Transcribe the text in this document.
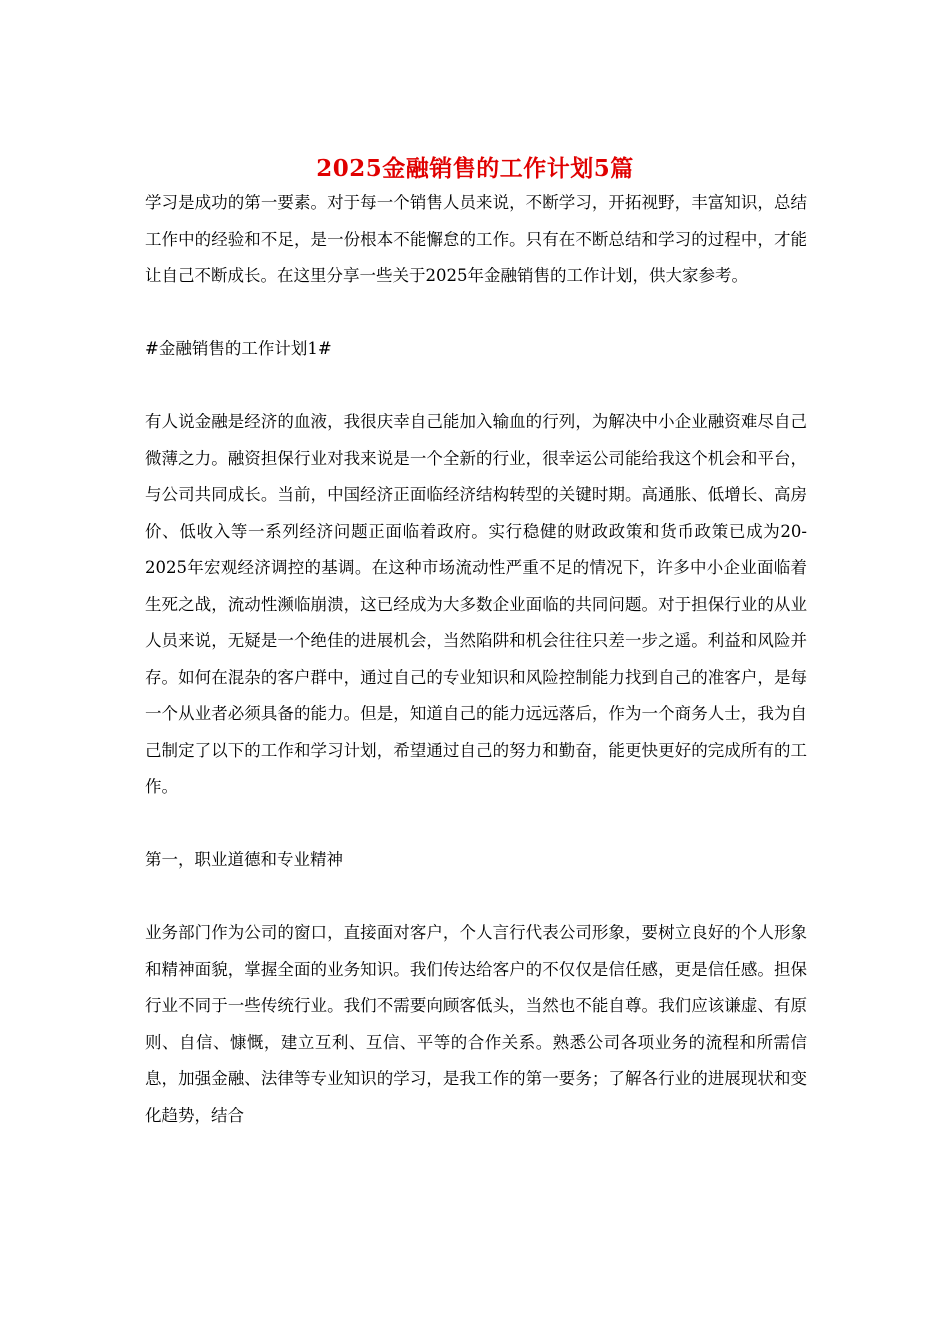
2025金融销售的工作计划5篇

学习是成功的第一要素。对于每一个销售人员来说，不断学习，开拓视野，丰富知识，总结工作中的经验和不足，是一份根本不能懈怠的工作。只有在不断总结和学习的过程中，才能让自己不断成长。在这里分享一些关于2025年金融销售的工作计划，供大家参考。

#金融销售的工作计划1#

有人说金融是经济的血液，我很庆幸自己能加入输血的行列，为解决中小企业融资难尽自己微薄之力。融资担保行业对我来说是一个全新的行业，很幸运公司能给我这个机会和平台，与公司共同成长。当前，中国经济正面临经济结构转型的关键时期。高通胀、低增长、高房价、低收入等一系列经济问题正面临着政府。实行稳健的财政政策和货币政策已成为20-2025年宏观经济调控的基调。在这种市场流动性严重不足的情况下，许多中小企业面临着生死之战，流动性濒临崩溃，这已经成为大多数企业面临的共同问题。对于担保行业的从业人员来说，无疑是一个绝佳的进展机会，当然陷阱和机会往往只差一步之遥。利益和风险并存。如何在混杂的客户群中，通过自己的专业知识和风险控制能力找到自己的准客户，是每一个从业者必须具备的能力。但是，知道自己的能力远远落后，作为一个商务人士，我为自己制定了以下的工作和学习计划，希望通过自己的努力和勤奋，能更快更好的完成所有的工作。

第一，职业道德和专业精神

业务部门作为公司的窗口，直接面对客户，个人言行代表公司形象，要树立良好的个人形象和精神面貌，掌握全面的业务知识。我们传达给客户的不仅仅是信任感，更是信任感。担保行业不同于一些传统行业。我们不需要向顾客低头，当然也不能自尊。我们应该谦虚、有原则、自信、慷慨，建立互利、互信、平等的合作关系。熟悉公司各项业务的流程和所需信息，加强金融、法律等专业知识的学习，是我工作的第一要务；了解各行业的进展现状和变化趋势，结合
